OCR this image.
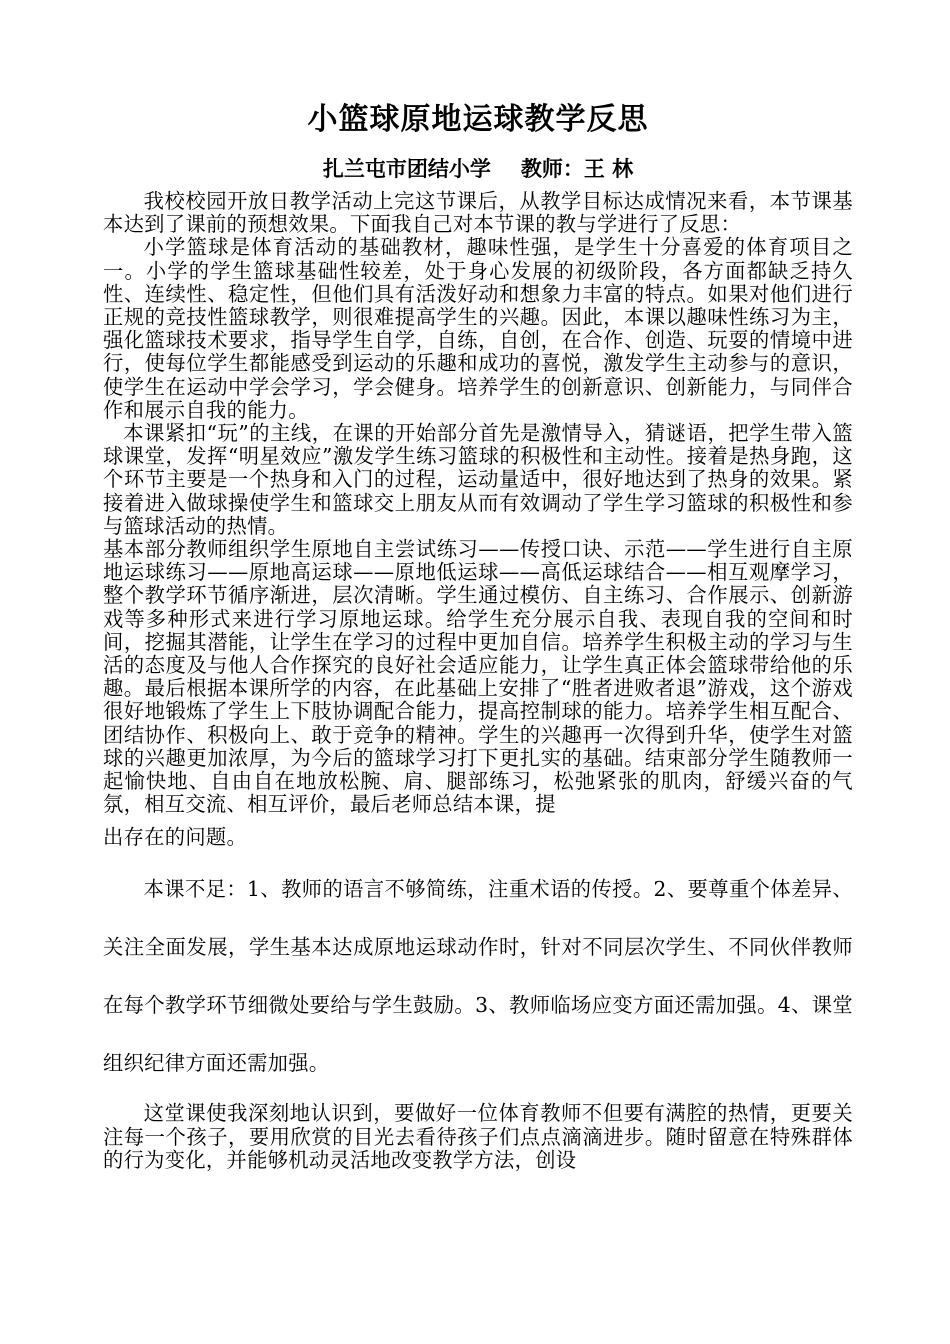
小篮球原地运球教学反思
扎兰屯市团结小学 教师：王 林

我校校园开放日教学活动上完这节课后，从教学目标达成情况来看，本节课基本达到了课前的预想效果。下面我自己对本节课的教与学进行了反思：

小学篮球是体育活动的基础教材，趣味性强，是学生十分喜爱的体育项目之一。小学的学生篮球基础性较差，处于身心发展的初级阶段，各方面都缺乏持久性、连续性、稳定性，但他们具有活泼好动和想象力丰富的特点。如果对他们进行正规的竞技性篮球教学，则很难提高学生的兴趣。因此，本课以趣味性练习为主，强化篮球技术要求，指导学生自学，自练，自创，在合作、创造、玩耍的情境中进行，使每位学生都能感受到运动的乐趣和成功的喜悦，激发学生主动参与的意识，使学生在运动中学会学习，学会健身。培养学生的创新意识、创新能力，与同伴合作和展示自我的能力。

本课紧扣“玩”的主线，在课的开始部分首先是激情导入，猜谜语，把学生带入篮球课堂，发挥“明星效应”激发学生练习篮球的积极性和主动性。接着是热身跑，这个环节主要是一个热身和入门的过程，运动量适中，很好地达到了热身的效果。紧接着进入做球操使学生和篮球交上朋友从而有效调动了学生学习篮球的积极性和参与篮球活动的热情。

基本部分教师组织学生原地自主尝试练习——传授口诀、示范——学生进行自主原地运球练习——原地高运球——原地低运球——高低运球结合——相互观摩学习，整个教学环节循序渐进，层次清晰。学生通过模仿、自主练习、合作展示、创新游戏等多种形式来进行学习原地运球。给学生充分展示自我、表现自我的空间和时间，挖掘其潜能，让学生在学习的过程中更加自信。培养学生积极主动的学习与生活的态度及与他人合作探究的良好社会适应能力，让学生真正体会篮球带给他的乐趣。最后根据本课所学的内容，在此基础上安排了“胜者进败者退”游戏，这个游戏很好地锻炼了学生上下肢协调配合能力，提高控制球的能力。培养学生相互配合、团结协作、积极向上、敢于竞争的精神。学生的兴趣再一次得到升华，使学生对篮球的兴趣更加浓厚，为今后的篮球学习打下更扎实的基础。结束部分学生随教师一起愉快地、自由自在地放松腕、肩、腿部练习，松弛紧张的肌肉，舒缓兴奋的气氛，相互交流、相互评价，最后老师总结本课，提

出存在的问题。

本课不足：1、教师的语言不够简练，注重术语的传授。2、要尊重个体差异、关注全面发展，学生基本达成原地运球动作时，针对不同层次学生、不同伙伴教师在每个教学环节细微处要给与学生鼓励。3、教师临场应变方面还需加强。4、课堂组织纪律方面还需加强。

这堂课使我深刻地认识到，要做好一位体育教师不但要有满腔的热情，更要关注每一个孩子，要用欣赏的目光去看待孩子们点点滴滴进步。随时留意在特殊群体的行为变化，并能够机动灵活地改变教学方法，创设
